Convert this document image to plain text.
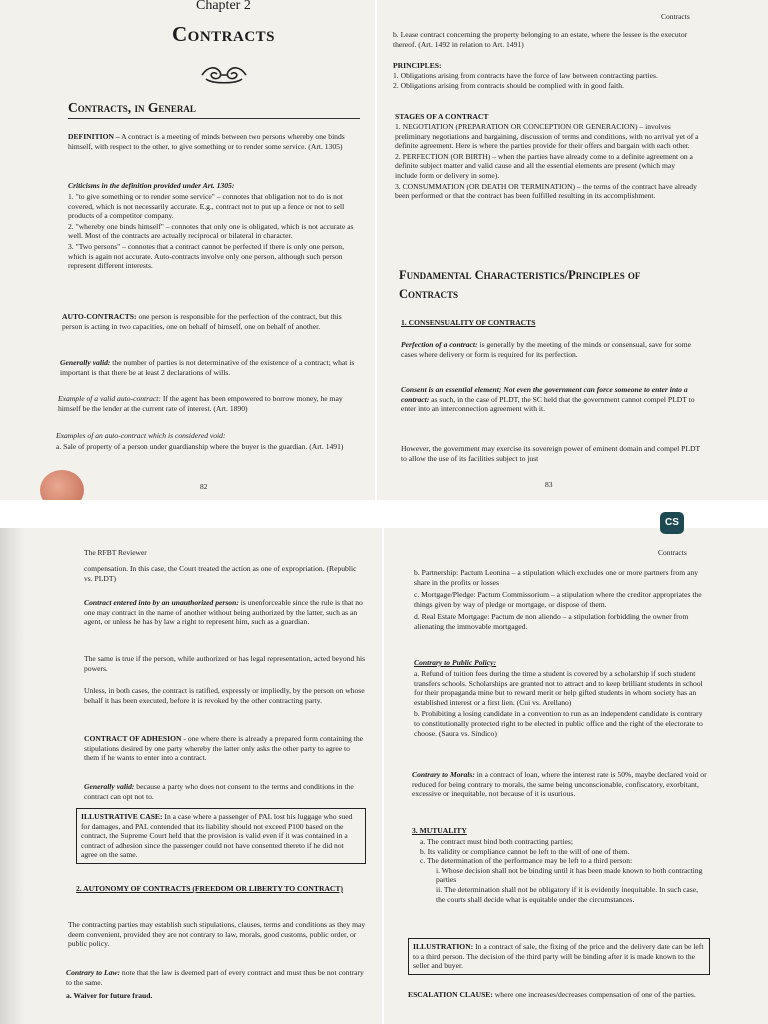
Chapter 2
Contracts
Contracts, in General

DEFINITION – A contract is a meeting of minds between two persons whereby one binds himself, with respect to the other, to give something or to render some service. (Art. 1305)

Criticisms in the definition provided under Art. 1305:

1. "to give something or to render some service" – connotes that obligation not to do is not covered, which is not necessarily accurate. E.g., contract not to put up a fence or not to sell products of a competitor company.
2. "whereby one binds himself" – connotes that only one is obligated, which is not accurate as well. Most of the contracts are actually reciprocal or bilateral in character.
3. "Two persons" – connotes that a contract cannot be perfected if there is only one person, which is again not accurate. Auto-contracts involve only one person, although such person represent different interests.

AUTO-CONTRACTS: one person is responsible for the perfection of the contract, but this person is acting in two capacities, one on behalf of himself, one on behalf of another.

Generally valid: the number of parties is not determinative of the existence of a contract; what is important is that there be at least 2 declarations of wills.

Example of a valid auto-contract: If the agent has been empowered to borrow money, he may himself be the lender at the current rate of interest. (Art. 1890)

Examples of an auto-contract which is considered void:

a. Sale of property of a person under guardianship where the buyer is the guardian. (Art. 1491)

82
Contracts

b. Lease contract concerning the property belonging to an estate, where the lessee is the executor thereof. (Art. 1492 in relation to Art. 1491)

PRINCIPLES:

1. Obligations arising from contracts have the force of law between contracting parties.
2. Obligations arising from contracts should be complied with in good faith.

STAGES OF A CONTRACT

1. NEGOTIATION (PREPARATION OR CONCEPTION OR GENERACION) – involves preliminary negotiations and bargaining, discussion of terms and conditions, with no arrival yet of a definite agreement. Here is where the parties provide for their offers and bargain with each other.
2. PERFECTION (OR BIRTH) – when the parties have already come to a definite agreement on a definite subject matter and valid cause and all the essential elements are present (which may include form or delivery in some).
3. CONSUMMATION (OR DEATH OR TERMINATION) – the terms of the contract have already been performed or that the contract has been fulfilled resulting in its accomplishment.
Fundamental Characteristics/Principles of Contracts

1. CONSENSUALITY OF CONTRACTS

Perfection of a contract: is generally by the meeting of the minds or consensual, save for some cases where delivery or form is required for its perfection.

Consent is an essential element; Not even the government can force someone to enter into a contract: as such, in the case of PLDT, the SC held that the government cannot compel PLDT to enter into an interconnection agreement with it.

However, the government may exercise its sovereign power of eminent domain and compel PLDT to allow the use of its facilities subject to just

83
The RFBT Reviewer

compensation. In this case, the Court treated the action as one of expropriation. (Republic vs. PLDT)

Contract entered into by an unauthorized person: is unenforceable since the rule is that no one may contract in the name of another without being authorized by the latter, such as an agent, or unless he has by law a right to represent him, such as a guardian.

The same is true if the person, while authorized or has legal representation, acted beyond his powers.

Unless, in both cases, the contract is ratified, expressly or impliedly, by the person on whose behalf it has been executed, before it is revoked by the other contracting party.

CONTRACT OF ADHESION - one where there is already a prepared form containing the stipulations desired by one party whereby the latter only asks the other party to agree to them if he wants to enter into a contract.

Generally valid: because a party who does not consent to the terms and conditions in the contract can opt not to.

ILLUSTRATIVE CASE: In a case where a passenger of PAL lost his luggage who sued for damages, and PAL contended that its liability should not exceed P100 based on the contract, the Supreme Court held that the provision is valid even if it was contained in a contract of adhesion since the passenger could not have consented thereto if he did not agree on the same.

2. AUTONOMY OF CONTRACTS (FREEDOM OR LIBERTY TO CONTRACT)

The contracting parties may establish such stipulations, clauses, terms and conditions as they may deem convenient, provided they are not contrary to law, morals, good customs, public order, or public policy.

Contrary to Law: note that the law is deemed part of every contract and must thus be not contrary to the same.

a. Waiver for future fraud.

Contracts
b. Partnership: Pactum Leonina – a stipulation which excludes one or more partners from any share in the profits or losses
c. Mortgage/Pledge: Pactum Commissorium – a stipulation where the creditor appropriates the things given by way of pledge or mortgage, or dispose of them.
d. Real Estate Mortgage: Pactum de non aliendo – a stipulation forbidding the owner from alienating the immovable mortgaged.

Contrary to Public Policy:

a. Refund of tuition fees during the time a student is covered by a scholarship if such student transfers schools. Scholarships are granted not to attract and to keep brilliant students in school for their propaganda mine but to reward merit or help gifted students in whom society has an established interest or a first lien. (Cui vs. Arellano)
b. Prohibiting a losing candidate in a convention to run as an independent candidate is contrary to constitutionally protected right to be elected in public office and the right of the electorate to choose. (Saura vs. Sindico)

Contrary to Morals: in a contract of loan, where the interest rate is 50%, maybe declared void or reduced for being contrary to morals, the same being unconscionable, confiscatory, exorbitant, excessive or inequitable, not because of it is usurious.

3. MUTUALITY

a. The contract must bind both contracting parties;
b. Its validity or compliance cannot be left to the will of one of them.
c. The determination of the performance may be left to a third person:
i. Whose decision shall not be binding until it has been made known to both contracting parties
ii. The determination shall not be obligatory if it is evidently inequitable. In such case, the courts shall decide what is equitable under the circumstances.

ILLUSTRATION: In a contract of sale, the fixing of the price and the delivery date can be left to a third person. The decision of the third party will be binding after it is made known to the seller and buyer.

ESCALATION CLAUSE: where one increases/decreases compensation of one of the parties.

CS
